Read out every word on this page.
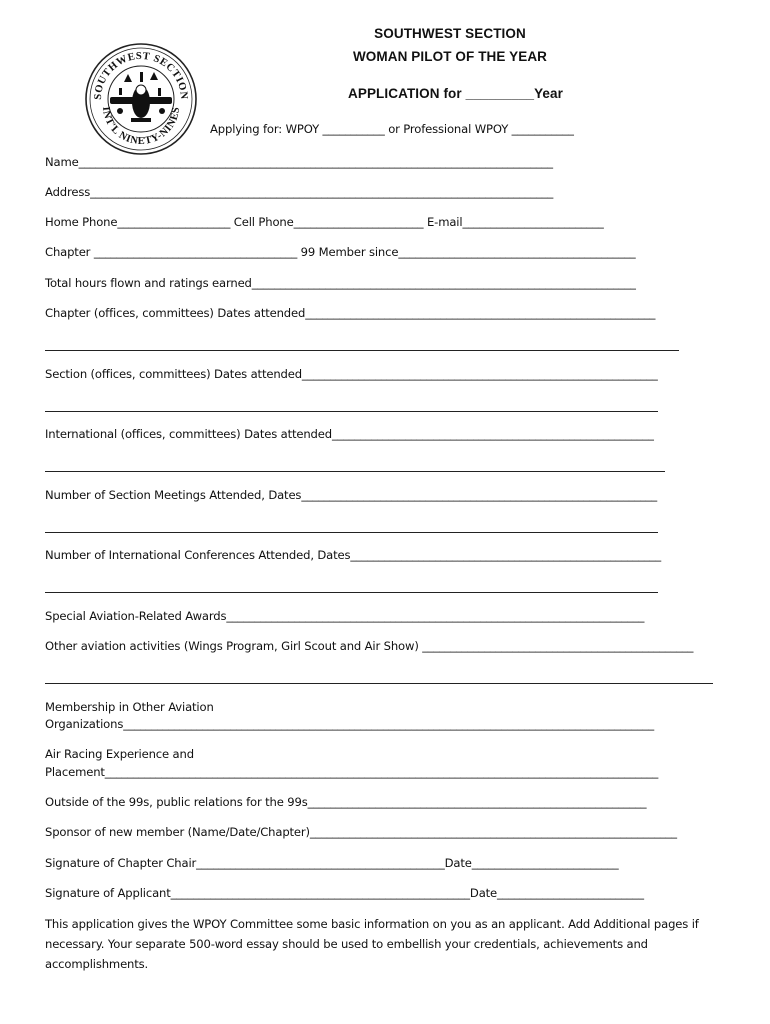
SOUTHWEST SECTION
INT'L NINETY-NINES
SOUTHWEST SECTION
WOMAN PILOT OF THE YEAR
APPLICATION for _________Year
Applying for: WPOY ___________ or Professional WPOY ___________
Name____________________________________________________________________________________
Address__________________________________________________________________________________
Home Phone____________________ Cell Phone_______________________ E-mail_________________________
Chapter ____________________________________ 99 Member since__________________________________________
Total hours flown and ratings earned____________________________________________________________________
Chapter (offices, committees) Dates attended______________________________________________________________
Section (offices, committees) Dates attended_______________________________________________________________
International (offices, committees) Dates attended_________________________________________________________
Number of Section Meetings Attended, Dates_______________________________________________________________
Number of International Conferences Attended, Dates_______________________________________________________
Special Aviation-Related Awards__________________________________________________________________________
Other aviation activities (Wings Program, Girl Scout and Air Show) ________________________________________________
Membership in Other Aviation
Organizations______________________________________________________________________________________________
Air Racing Experience and
Placement__________________________________________________________________________________________________
Outside of the 99s, public relations for the 99s____________________________________________________________
Sponsor of new member (Name/Date/Chapter)_________________________________________________________________
Signature of Chapter Chair____________________________________________Date__________________________
Signature of Applicant_____________________________________________________Date__________________________
This application gives the WPOY Committee some basic information on you as an applicant. Add Additional pages if necessary. Your separate 500-word essay should be used to embellish your credentials, achievements and accomplishments.
